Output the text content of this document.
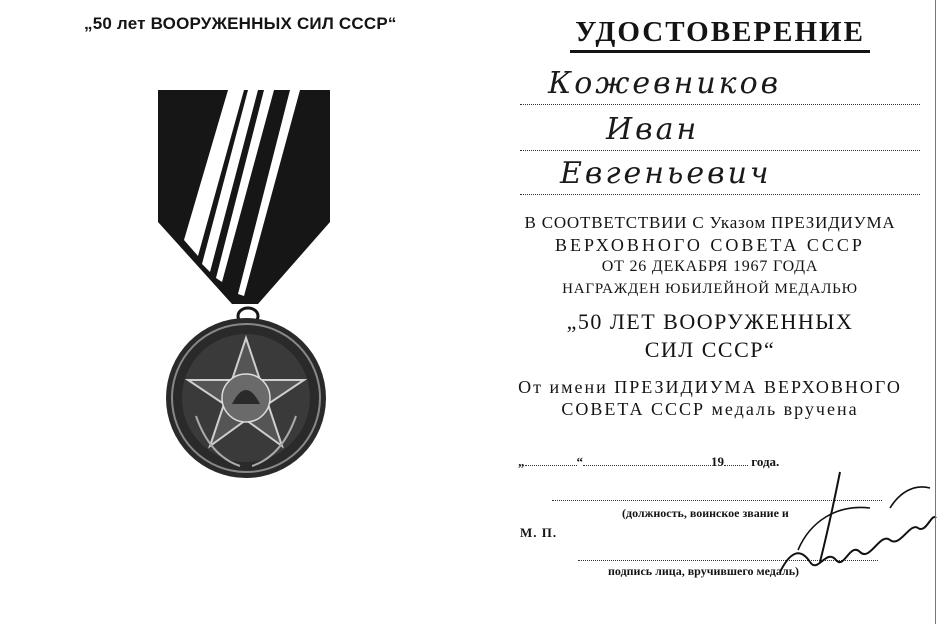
„50 лет ВООРУЖЕННЫХ СИЛ СССР“	УДОСТОВЕРЕНИЕ
Кожевников
Иван
Евгеньевич
В СООТВЕТСТВИИ С Указом ПРЕЗИДИУМА
ВЕРХОВНОГО СОВЕТА СССР
ОТ 26 ДЕКАБРЯ 1967 ГОДА
НАГРАЖДЕН ЮБИЛЕЙНОЙ МЕДАЛЬЮ
„50 ЛЕТ ВООРУЖЕННЫХ
СИЛ СССР“
От имени ПРЕЗИДИУМА ВЕРХОВНОГО
СОВЕТА СССР медаль вручена
„	“	19 года.
(должность, воинское звание и
М. П.
подпись лица, вручившего медаль)
